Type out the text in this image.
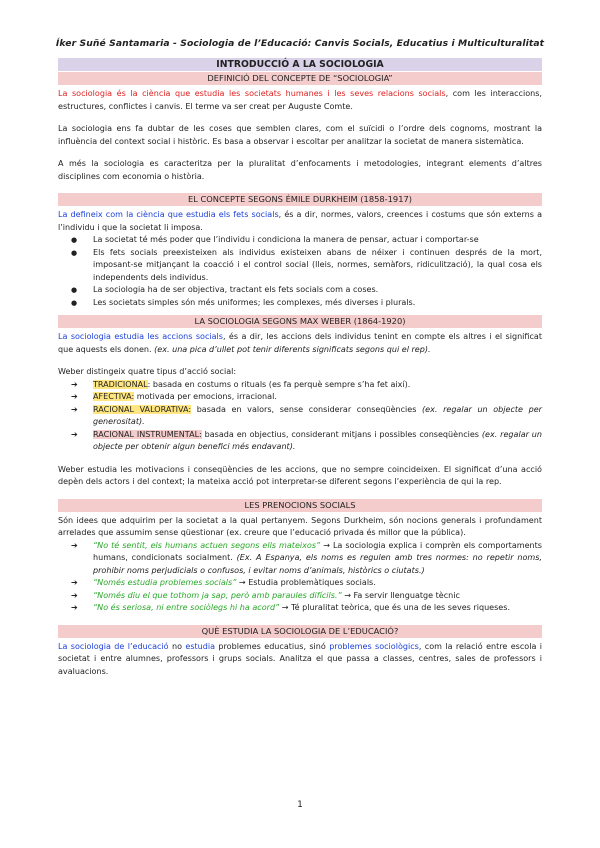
Íker Suñé Santamaria - Sociologia de l’Educació: Canvis Socials, Educatius i Multiculturalitat
INTRODUCCIÓ A LA SOCIOLOGIA
DEFINICIÓ DEL CONCEPTE DE “SOCIOLOGIA”

La sociologia és la ciència que estudia les societats humanes i les seves relacions socials, com les interaccions, estructures, conflictes i canvis. El terme va ser creat per Auguste Comte.

La sociologia ens fa dubtar de les coses que semblen clares, com el suïcidi o l’ordre dels cognoms, mostrant la influència del context social i històric. Es basa a observar i escoltar per analitzar la societat de manera sistemàtica.

A més la sociologia es caracteritza per la pluralitat d’enfocaments i metodologies, integrant elements d’altres disciplines com economia o història.

EL CONCEPTE SEGONS ÉMILE DURKHEIM (1858-1917)

La defineix com la ciència que estudia els fets socials, és a dir, normes, valors, creences i costums que són externs a l’individu i que la societat li imposa.

● La societat té més poder que l’individu i condiciona la manera de pensar, actuar i comportar-se
● Els fets socials preexisteixen als individus existeixen abans de néixer i continuen després de la mort, imposant-se mitjançant la coacció i el control social (lleis, normes, semàfors, ridiculització), la qual cosa els independents dels individus.
● La sociologia ha de ser objectiva, tractant els fets socials com a coses.
● Les societats simples són més uniformes; les complexes, més diverses i plurals.
LA SOCIOLOGIA SEGONS MAX WEBER (1864-1920)

La sociologia estudia les accions socials, és a dir, les accions dels individus tenint en compte els altres i el significat que aquests els donen. (ex. una pica d’ullet pot tenir diferents significats segons qui el rep).

Weber distingeix quatre tipus d’acció social:

➔ TRADICIONAL: basada en costums o rituals (es fa perquè sempre s’ha fet així).
➔ AFECTIVA: motivada per emocions, irracional.
➔ RACIONAL VALORATIVA: basada en valors, sense considerar conseqüències (ex. regalar un objecte per generositat).
➔ RACIONAL INSTRUMENTAL: basada en objectius, considerant mitjans i possibles conseqüències (ex. regalar un objecte per obtenir algun benefici més endavant).

Weber estudia les motivacions i conseqüències de les accions, que no sempre coincideixen. El significat d’una acció depèn dels actors i del context; la mateixa acció pot interpretar-se diferent segons l’experiència de qui la rep.

LES PRENOCIONS SOCIALS

Són idees que adquirim per la societat a la qual pertanyem. Segons Durkheim, són nocions generals i profundament arrelades que assumim sense qüestionar (ex. creure que l’educació privada és millor que la pública).

➔ “No té sentit, els humans actuen segons ells mateixos” → La sociologia explica i comprèn els comportaments humans, condicionats socialment. (Ex. A Espanya, els noms es regulen amb tres normes: no repetir noms, prohibir noms perjudicials o confusos, i evitar noms d’animals, històrics o ciutats.)
➔ “Només estudia problemes socials” → Estudia problemàtiques socials.
➔ “Només diu el que tothom ja sap, però amb paraules difícils.” → Fa servir llenguatge tècnic
➔ “No és seriosa, ni entre sociòlegs hi ha acord” → Té pluralitat teòrica, que és una de les seves riqueses.
QUÈ ESTUDIA LA SOCIOLOGIA DE L’EDUCACIÓ?

La sociologia de l’educació no estudia problemes educatius, sinó problemes sociològics, com la relació entre escola i societat i entre alumnes, professors i grups socials. Analitza el que passa a classes, centres, sales de professors i avaluacions.

1
